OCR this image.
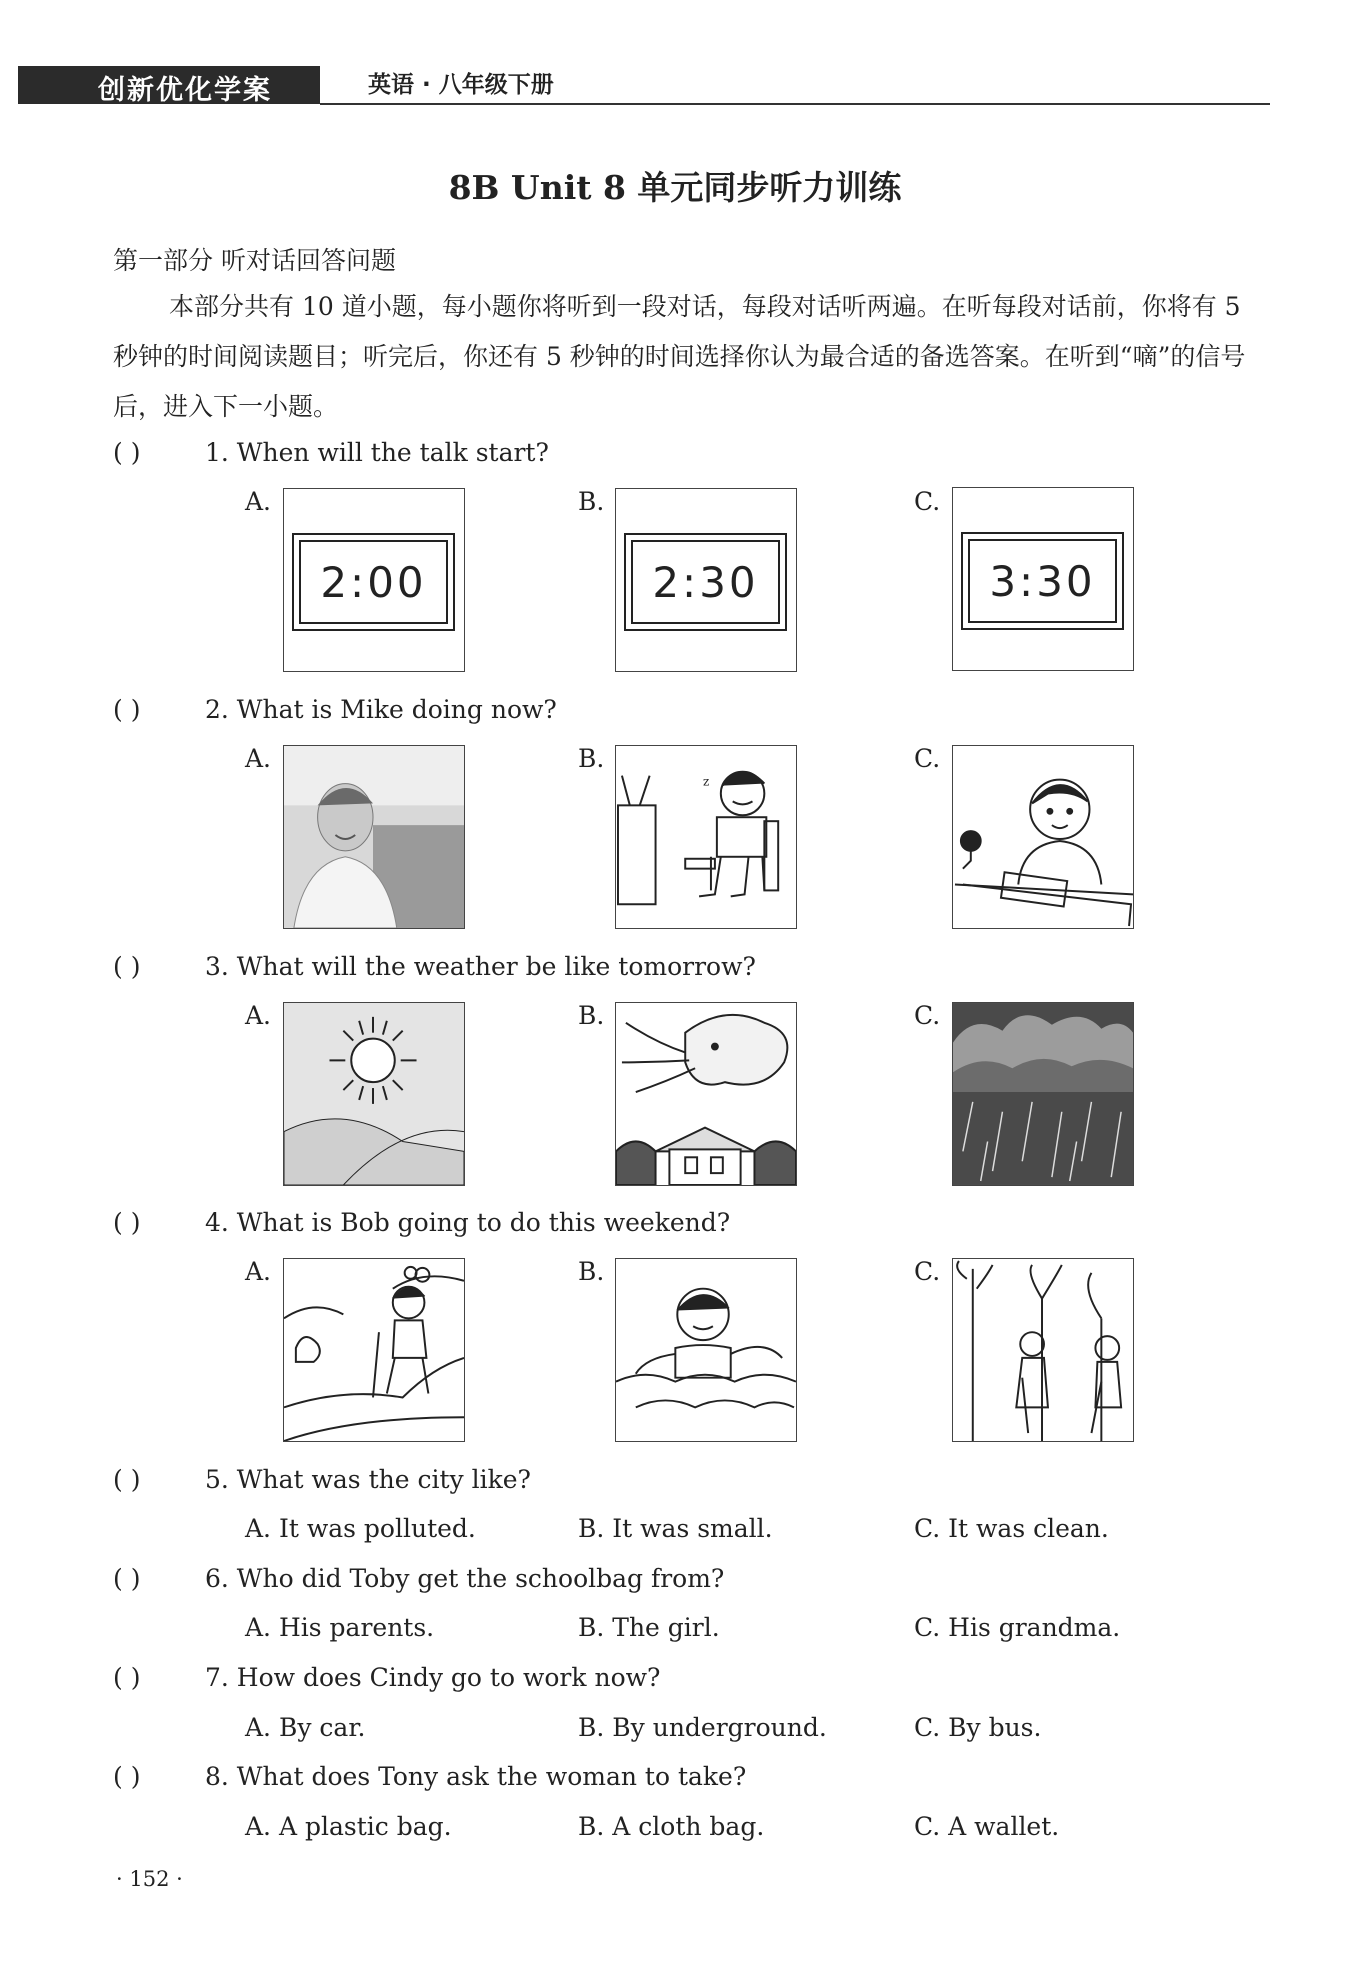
创新优化学案	英语 · 八年级下册
8B Unit 8 单元同步听力训练
第一部分 听对话回答问题
本部分共有 10 道小题，每小题你将听到一段对话，每段对话听两遍。在听每段对话前，你将有 5 秒钟的时间阅读题目；听完后，你还有 5 秒钟的时间选择你认为最合适的备选答案。在听到“嘀”的信号后，进入下一小题。
( )	1. When will the talk start?
A.	B.	C.
2:00	2:30	3:30
( )	2. What is Mike doing now?
A.	B.	C.
z
( )	3. What will the weather be like tomorrow?
A.	B.	C.
( )	4. What is Bob going to do this weekend?
A.	B.	C.
( )	5. What was the city like?
A. It was polluted.	B. It was small.	C. It was clean.
( )	6. Who did Toby get the schoolbag from?
A. His parents.	B. The girl.	C. His grandma.
( )	7. How does Cindy go to work now?
A. By car.	B. By underground.	C. By bus.
( )	8. What does Tony ask the woman to take?
A. A plastic bag.	B. A cloth bag.	C. A wallet.
· 152 ·
